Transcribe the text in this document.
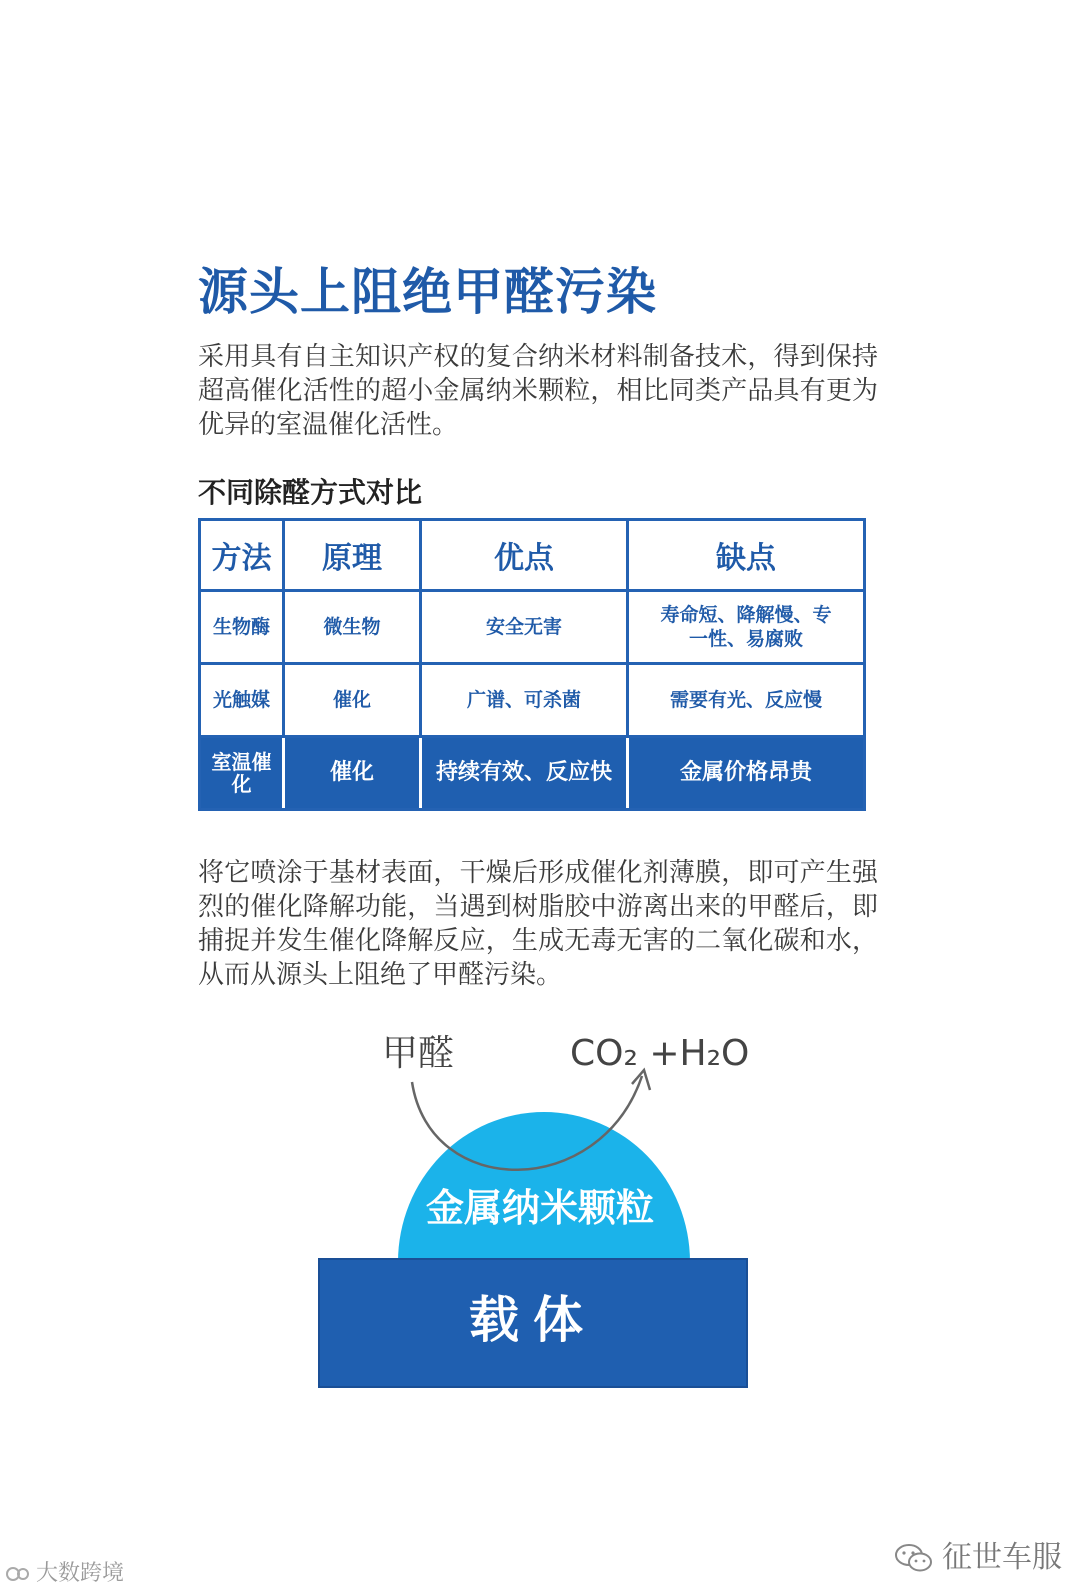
源头上阻绝甲醛污染

采用具有自主知识产权的复合纳米材料制备技术，得到保持超高催化活性的超小金属纳米颗粒，相比同类产品具有更为优异的室温催化活性。

不同除醛方式对比
方法	原理	优点	缺点
生物酶	微生物	安全无害	寿命短、降解慢、专一性、易腐败
光触媒	催化	广谱、可杀菌	需要有光、反应慢
室温催化	催化	持续有效、反应快	金属价格昂贵

将它喷涂于基材表面，干燥后形成催化剂薄膜，即可产生强烈的催化降解功能，当遇到树脂胶中游离出来的甲醛后，即捕捉并发生催化降解反应，生成无毒无害的二氧化碳和水，从而从源头上阻绝了甲醛污染。

甲醛	CO₂ +H₂O
金属纳米颗粒
载体
大数跨境	征世车服
